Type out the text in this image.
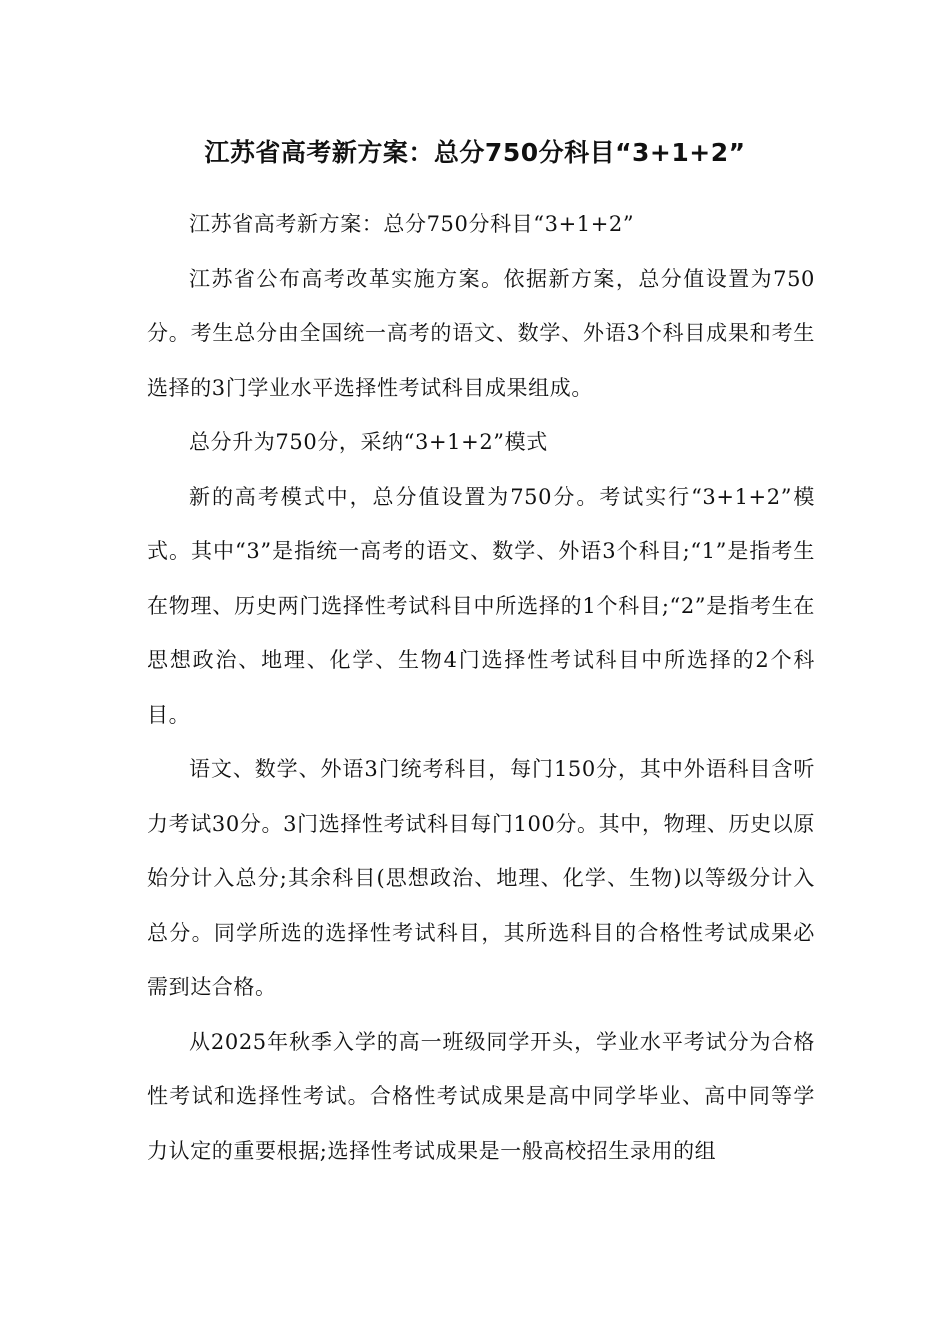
江苏省高考新方案：总分750分科目“3+1+2”

江苏省高考新方案：总分750分科目“3+1+2”

江苏省公布高考改革实施方案。依据新方案，总分值设置为750分。考生总分由全国统一高考的语文、数学、外语3个科目成果和考生选择的3门学业水平选择性考试科目成果组成。

总分升为750分，采纳“3+1+2”模式

新的高考模式中，总分值设置为750分。考试实行“3+1+2”模式。其中“3”是指统一高考的语文、数学、外语3个科目;“1”是指考生在物理、历史两门选择性考试科目中所选择的1个科目;“2”是指考生在思想政治、地理、化学、生物4门选择性考试科目中所选择的2个科目。

语文、数学、外语3门统考科目，每门150分，其中外语科目含听力考试30分。3门选择性考试科目每门100分。其中，物理、历史以原始分计入总分;其余科目(思想政治、地理、化学、生物)以等级分计入总分。同学所选的选择性考试科目，其所选科目的合格性考试成果必需到达合格。

从2025年秋季入学的高一班级同学开头，学业水平考试分为合格性考试和选择性考试。合格性考试成果是高中同学毕业、高中同等学力认定的重要根据;选择性考试成果是一般高校招生录用的组
